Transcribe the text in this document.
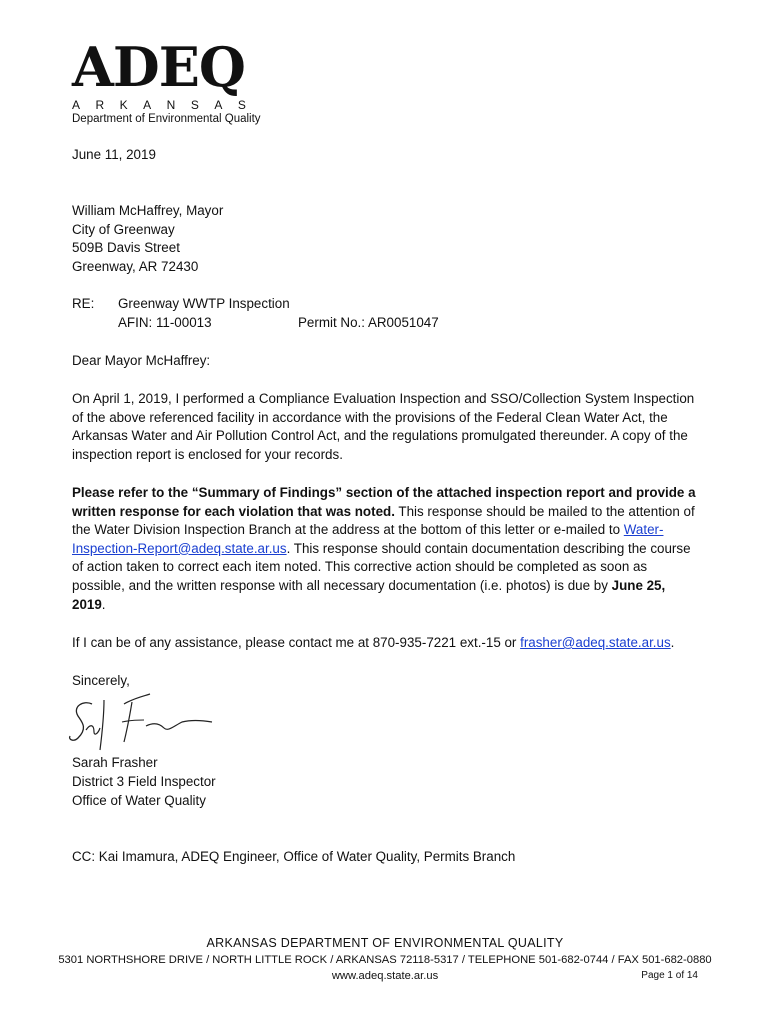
ADEQ
ARKANSAS
Department of Environmental Quality
June 11, 2019
William McHaffrey, Mayor
City of Greenway
509B Davis Street
Greenway, AR 72430
RE: Greenway WWTP Inspection
AFIN: 11-00013	Permit No.: AR0051047
Dear Mayor McHaffrey:
On April 1, 2019, I performed a Compliance Evaluation Inspection and SSO/Collection System Inspection of the above referenced facility in accordance with the provisions of the Federal Clean Water Act, the Arkansas Water and Air Pollution Control Act, and the regulations promulgated thereunder. A copy of the inspection report is enclosed for your records.
Please refer to the “Summary of Findings” section of the attached inspection report and provide a written response for each violation that was noted. This response should be mailed to the attention of the Water Division Inspection Branch at the address at the bottom of this letter or e-mailed to Water-Inspection-Report@adeq.state.ar.us. This response should contain documentation describing the course of action taken to correct each item noted. This corrective action should be completed as soon as possible, and the written response with all necessary documentation (i.e. photos) is due by June 25, 2019.
If I can be of any assistance, please contact me at 870-935-7221 ext.-15 or frasher@adeq.state.ar.us.
Sincerely,
Sarah Frasher
District 3 Field Inspector
Office of Water Quality
CC: Kai Imamura, ADEQ Engineer, Office of Water Quality, Permits Branch
ARKANSAS DEPARTMENT OF ENVIRONMENTAL QUALITY
5301 NORTHSHORE DRIVE / NORTH LITTLE ROCK / ARKANSAS 72118-5317 / TELEPHONE 501-682-0744 / FAX 501-682-0880
www.adeq.state.ar.us	Page 1 of 14
